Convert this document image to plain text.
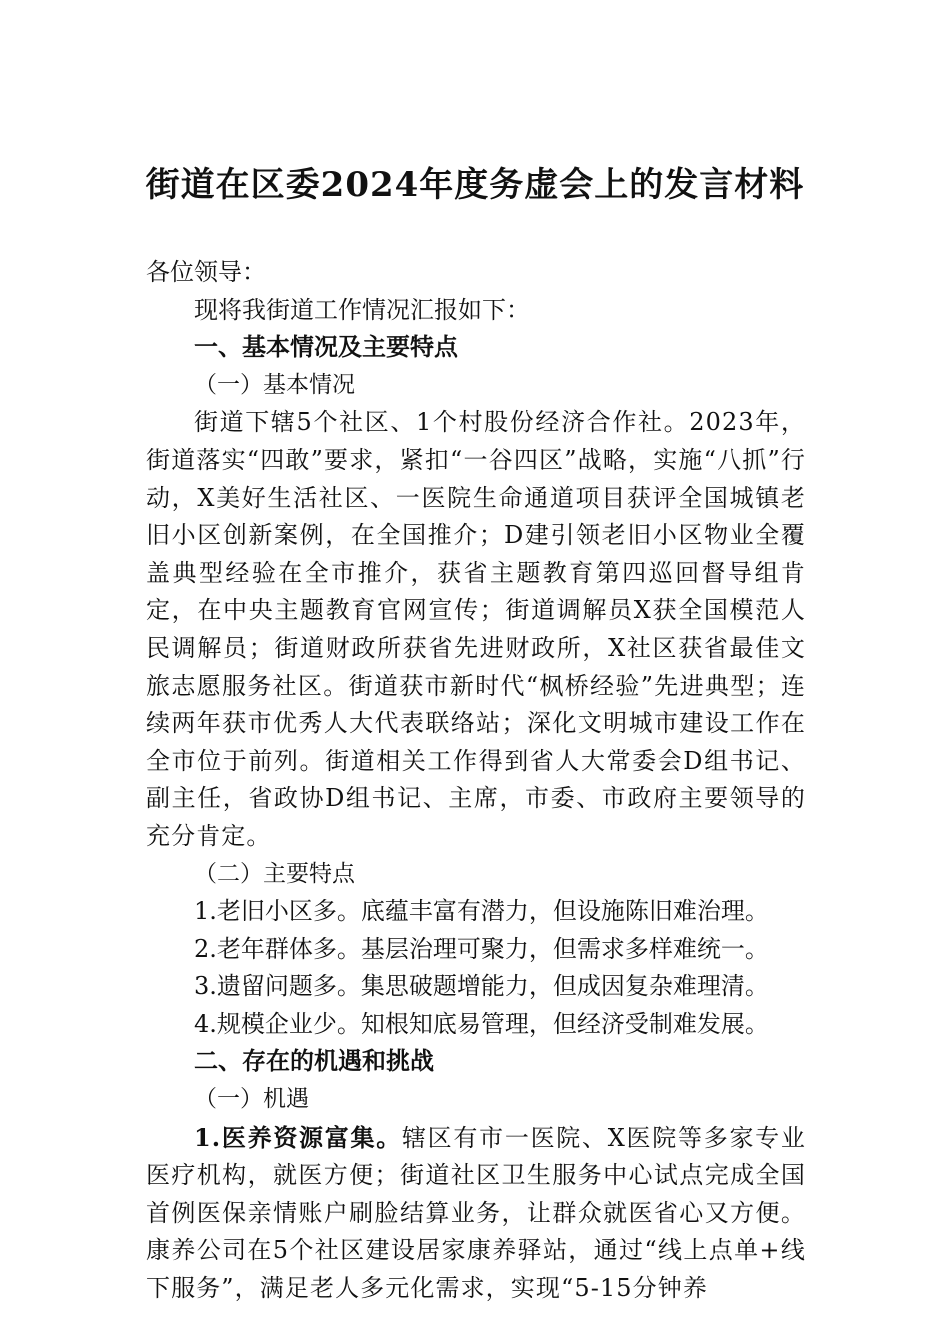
街道在区委2024年度务虚会上的发言材料

各位领导：

现将我街道工作情况汇报如下：

一、基本情况及主要特点

（一）基本情况

街道下辖5个社区、1个村股份经济合作社。2023年，街道落实“四敢”要求，紧扣“一谷四区”战略，实施“八抓”行动，X美好生活社区、一医院生命通道项目获评全国城镇老旧小区创新案例，在全国推介；D建引领老旧小区物业全覆盖典型经验在全市推介，获省主题教育第四巡回督导组肯定，在中央主题教育官网宣传；街道调解员X获全国模范人民调解员；街道财政所获省先进财政所，X社区获省最佳文旅志愿服务社区。街道获市新时代“枫桥经验”先进典型；连续两年获市优秀人大代表联络站；深化文明城市建设工作在全市位于前列。街道相关工作得到省人大常委会D组书记、副主任，省政协D组书记、主席，市委、市政府主要领导的充分肯定。

（二）主要特点

1.老旧小区多。底蕴丰富有潜力，但设施陈旧难治理。

2.老年群体多。基层治理可聚力，但需求多样难统一。

3.遗留问题多。集思破题增能力，但成因复杂难理清。

4.规模企业少。知根知底易管理，但经济受制难发展。

二、存在的机遇和挑战

（一）机遇

1.医养资源富集。辖区有市一医院、X医院等多家专业医疗机构，就医方便；街道社区卫生服务中心试点完成全国首例医保亲情账户刷脸结算业务，让群众就医省心又方便。康养公司在5个社区建设居家康养驿站，通过“线上点单+线下服务”，满足老人多元化需求，实现“5-15分钟养
